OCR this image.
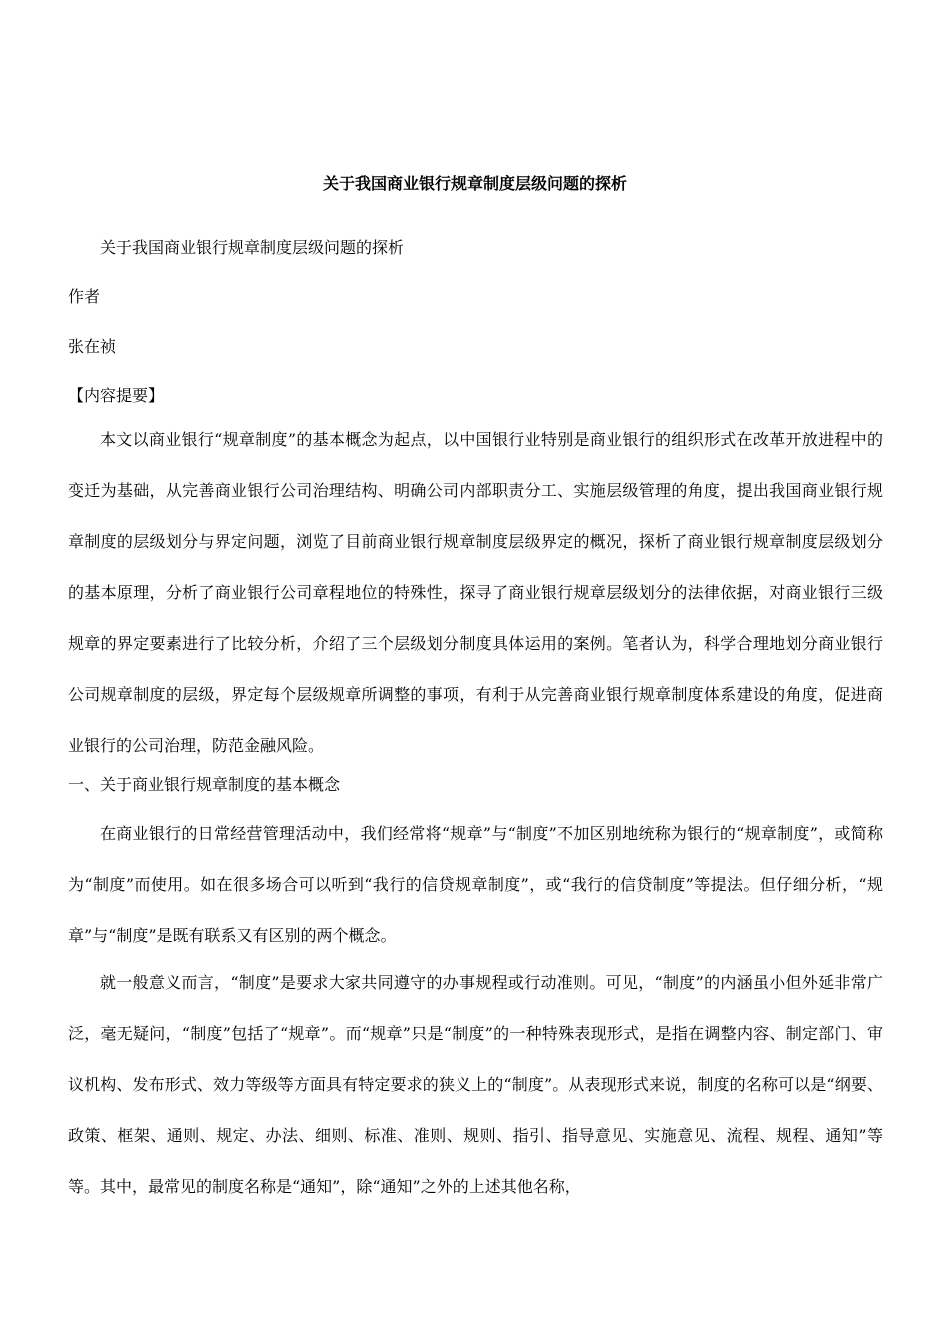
关于我国商业银行规章制度层级问题的探析
关于我国商业银行规章制度层级问题的探析
作者
张在祯
【内容提要】
本文以商业银行“规章制度”的基本概念为起点，以中国银行业特别是商业银行的组织形式在改革开放进程中的变迁为基础，从完善商业银行公司治理结构、明确公司内部职责分工、实施层级管理的角度，提出我国商业银行规章制度的层级划分与界定问题，浏览了目前商业银行规章制度层级界定的概况，探析了商业银行规章制度层级划分的基本原理，分析了商业银行公司章程地位的特殊性，探寻了商业银行规章层级划分的法律依据，对商业银行三级规章的界定要素进行了比较分析，介绍了三个层级划分制度具体运用的案例。笔者认为，科学合理地划分商业银行公司规章制度的层级，界定每个层级规章所调整的事项，有利于从完善商业银行规章制度体系建设的角度，促进商业银行的公司治理，防范金融风险。
一、关于商业银行规章制度的基本概念
在商业银行的日常经营管理活动中，我们经常将“规章”与“制度”不加区别地统称为银行的“规章制度”，或简称为“制度”而使用。如在很多场合可以听到“我行的信贷规章制度”，或“我行的信贷制度”等提法。但仔细分析，“规章”与“制度”是既有联系又有区别的两个概念。
就一般意义而言，“制度”是要求大家共同遵守的办事规程或行动准则。可见，“制度”的内涵虽小但外延非常广泛，毫无疑问，“制度”包括了“规章”。而“规章”只是“制度”的一种特殊表现形式，是指在调整内容、制定部门、审议机构、发布形式、效力等级等方面具有特定要求的狭义上的“制度”。从表现形式来说，制度的名称可以是“纲要、政策、框架、通则、规定、办法、细则、标准、准则、规则、指引、指导意见、实施意见、流程、规程、通知”等等。其中，最常见的制度名称是“通知”，除“通知”之外的上述其他名称，
